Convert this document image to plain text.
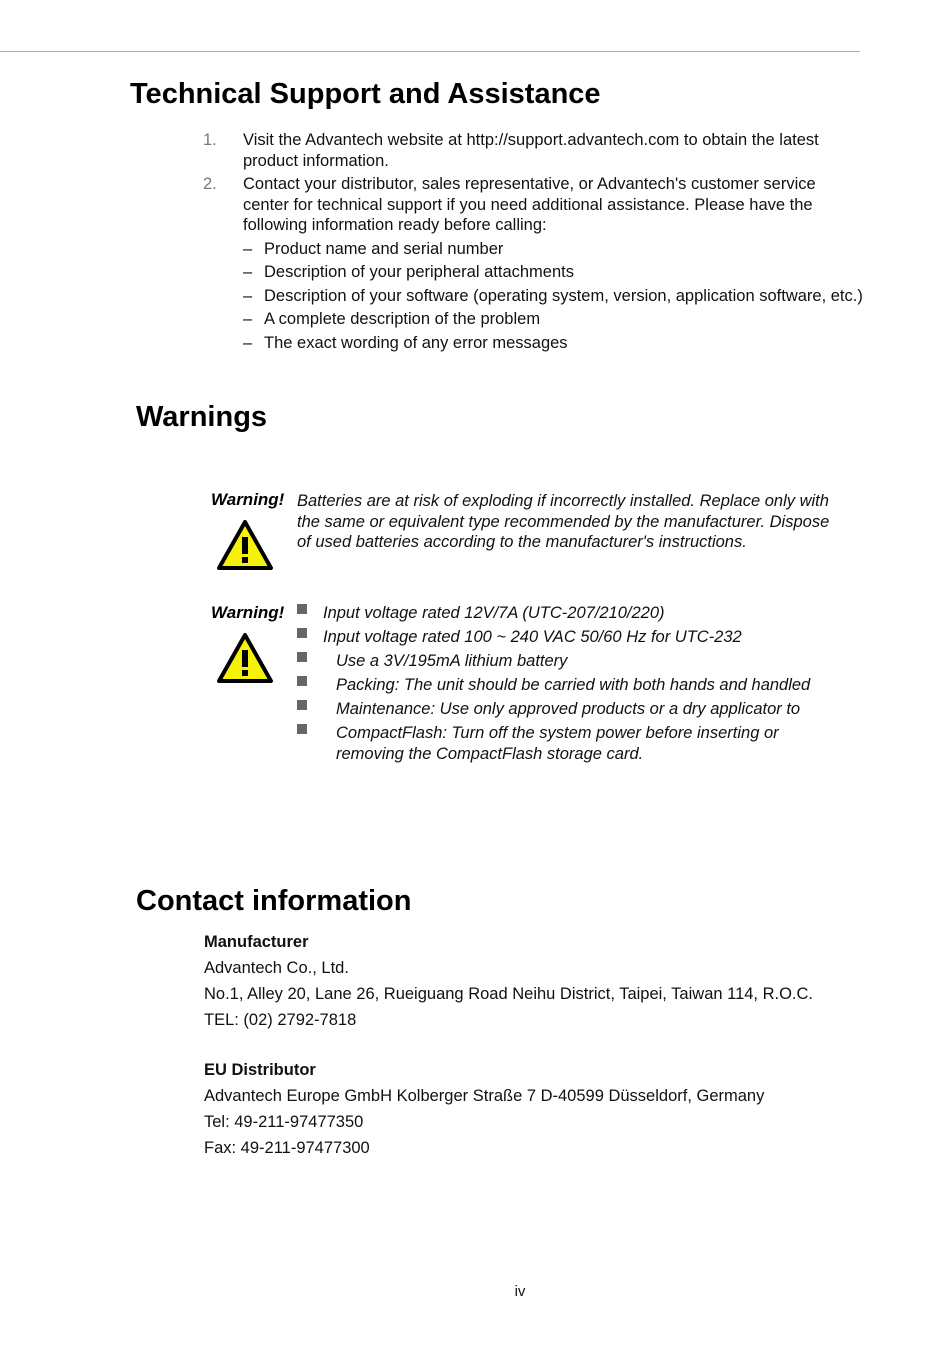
Technical Support and Assistance
1. Visit the Advantech website at http://support.advantech.com to obtain the latest product information.
2. Contact your distributor, sales representative, or Advantech's customer service center for technical support if you need additional assistance. Please have the following information ready before calling:
– Product name and serial number
– Description of your peripheral attachments
– Description of your software (operating system, version, application software, etc.)
– A complete description of the problem
– The exact wording of any error messages
Warnings
Warning! Batteries are at risk of exploding if incorrectly installed. Replace only with the same or equivalent type recommended by the manufacturer. Dispose of used batteries according to the manufacturer's instructions.
Warning!	Input voltage rated 12V/7A (UTC-207/210/220)
Input voltage rated 100 ~ 240 VAC 50/60 Hz for UTC-232
Use a 3V/195mA lithium battery
Packing: The unit should be carried with both hands and handled
Maintenance: Use only approved products or a dry applicator to
CompactFlash: Turn off the system power before inserting or removing the CompactFlash storage card.
Contact information
Manufacturer
Advantech Co., Ltd.
No.1, Alley 20, Lane 26, Rueiguang Road Neihu District, Taipei, Taiwan 114, R.O.C.
TEL: (02) 2792-7818
EU Distributor
Advantech Europe GmbH Kolberger Straße 7 D-40599 Düsseldorf, Germany
Tel: 49-211-97477350
Fax: 49-211-97477300
iv
